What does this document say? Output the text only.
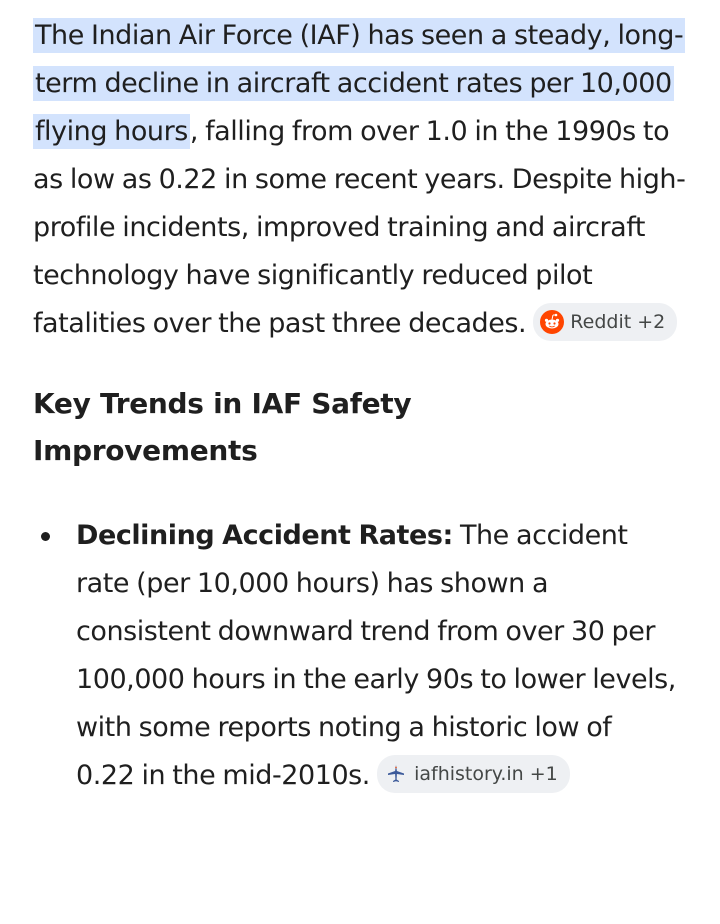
The Indian Air Force (IAF) has seen a steady, long-term decline in aircraft accident rates per 10,000 flying hours, falling from over 1.0 in the 1990s to as low as 0.22 in some recent years. Despite high-profile incidents, improved training and aircraft technology have significantly reduced pilot fatalities over the past three decades. Reddit +2

Key Trends in IAF Safety Improvements
Declining Accident Rates: The accident rate (per 10,000 hours) has shown a consistent downward trend from over 30 per 100,000 hours in the early 90s to lower levels, with some reports noting a historic low of 0.22 in the mid-2010s. iafhistory.in +1
